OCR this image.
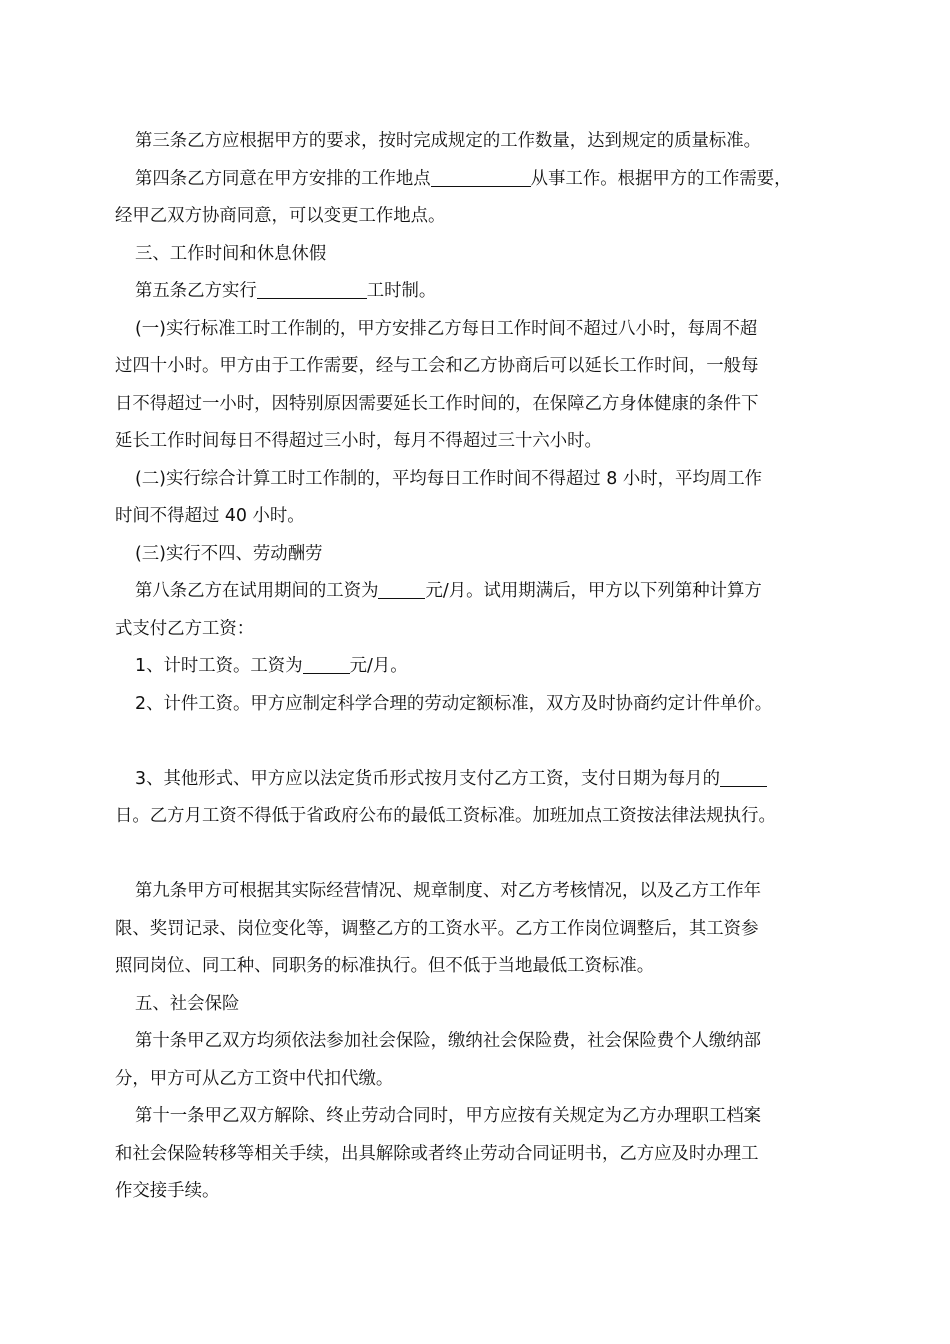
第三条乙方应根据甲方的要求，按时完成规定的工作数量，达到规定的质量标准。
第四条乙方同意在甲方安排的工作地点	从事工作。根据甲方的工作需要，
经甲乙双方协商同意，可以变更工作地点。
三、工作时间和休息休假
第五条乙方实行	工时制。
(一)实行标准工时工作制的，甲方安排乙方每日工作时间不超过八小时，每周不超
过四十小时。甲方由于工作需要，经与工会和乙方协商后可以延长工作时间，一般每
日不得超过一小时，因特别原因需要延长工作时间的，在保障乙方身体健康的条件下
延长工作时间每日不得超过三小时，每月不得超过三十六小时。
(二)实行综合计算工时工作制的，平均每日工作时间不得超过 8 小时，平均周工作
时间不得超过 40 小时。
(三)实行不四、劳动酬劳
第八条乙方在试用期间的工资为	元/月。试用期满后，甲方以下列第种计算方
式支付乙方工资：
1、计时工资。工资为	元/月。
2、计件工资。甲方应制定科学合理的劳动定额标准，双方及时协商约定计件单价。
3、其他形式、甲方应以法定货币形式按月支付乙方工资，支付日期为每月的
日。乙方月工资不得低于省政府公布的最低工资标准。加班加点工资按法律法规执行。
第九条甲方可根据其实际经营情况、规章制度、对乙方考核情况，以及乙方工作年
限、奖罚记录、岗位变化等，调整乙方的工资水平。乙方工作岗位调整后，其工资参
照同岗位、同工种、同职务的标准执行。但不低于当地最低工资标准。
五、社会保险
第十条甲乙双方均须依法参加社会保险，缴纳社会保险费，社会保险费个人缴纳部
分，甲方可从乙方工资中代扣代缴。
第十一条甲乙双方解除、终止劳动合同时，甲方应按有关规定为乙方办理职工档案
和社会保险转移等相关手续，出具解除或者终止劳动合同证明书，乙方应及时办理工
作交接手续。
